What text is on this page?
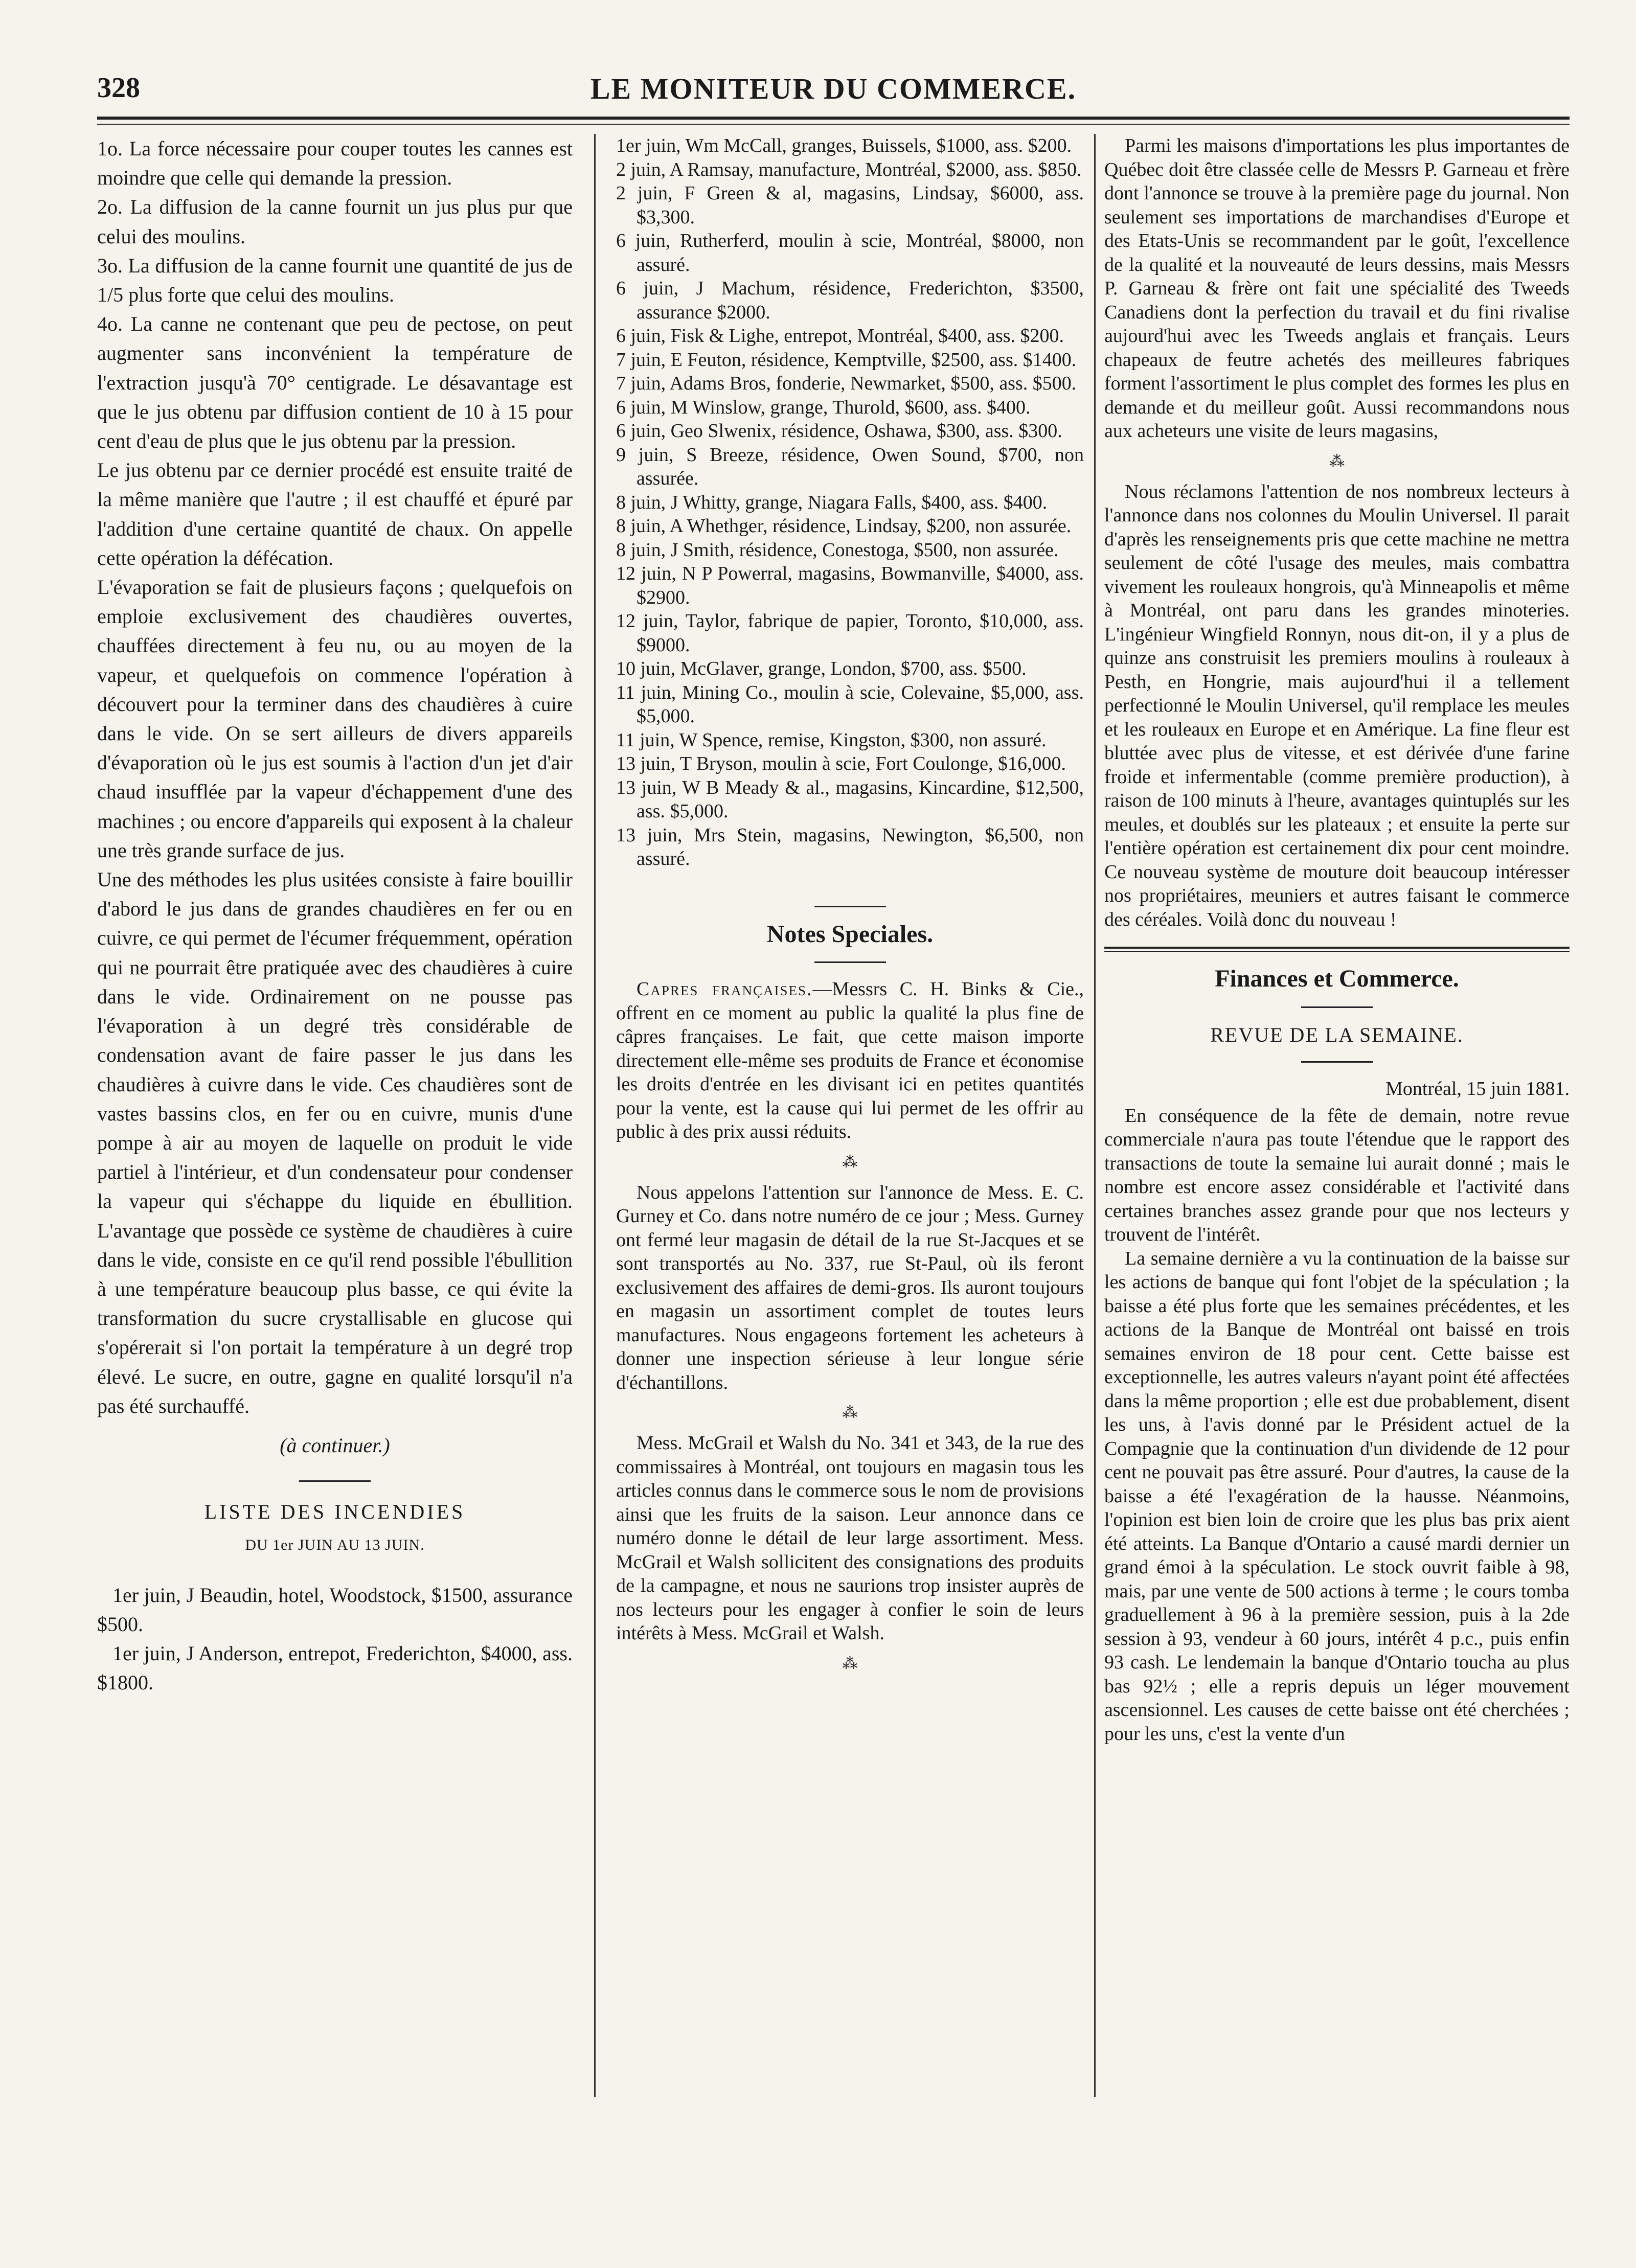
328	LE MONITEUR DU COMMERCE.

1o. La force nécessaire pour couper toutes les cannes est moindre que celle qui demande la pression.

2o. La diffusion de la canne fournit un jus plus pur que celui des moulins.

3o. La diffusion de la canne fournit une quantité de jus de 1/5 plus forte que celui des moulins.

4o. La canne ne contenant que peu de pectose, on peut augmenter sans inconvénient la température de l'extraction jusqu'à 70° centigrade. Le désavantage est que le jus obtenu par diffusion contient de 10 à 15 pour cent d'eau de plus que le jus obtenu par la pression.

Le jus obtenu par ce dernier procédé est ensuite traité de la même manière que l'autre ; il est chauffé et épuré par l'addition d'une certaine quantité de chaux. On appelle cette opération la défécation.

L'évaporation se fait de plusieurs façons ; quelquefois on emploie exclusivement des chaudières ouvertes, chauffées directement à feu nu, ou au moyen de la vapeur, et quelquefois on commence l'opération à découvert pour la terminer dans des chaudières à cuire dans le vide. On se sert ailleurs de divers appareils d'évaporation où le jus est soumis à l'action d'un jet d'air chaud insufflée par la vapeur d'échappement d'une des machines ; ou encore d'appareils qui exposent à la chaleur une très grande surface de jus.

Une des méthodes les plus usitées consiste à faire bouillir d'abord le jus dans de grandes chaudières en fer ou en cuivre, ce qui permet de l'écumer fréquemment, opération qui ne pourrait être pratiquée avec des chaudières à cuire dans le vide. Ordinairement on ne pousse pas l'évaporation à un degré très considérable de condensation avant de faire passer le jus dans les chaudières à cuivre dans le vide. Ces chaudières sont de vastes bassins clos, en fer ou en cuivre, munis d'une pompe à air au moyen de laquelle on produit le vide partiel à l'intérieur, et d'un condensateur pour condenser la vapeur qui s'échappe du liquide en ébullition. L'avantage que possède ce système de chaudières à cuire dans le vide, consiste en ce qu'il rend possible l'ébullition à une température beaucoup plus basse, ce qui évite la transformation du sucre crystallisable en glucose qui s'opérerait si l'on portait la température à un degré trop élevé. Le sucre, en outre, gagne en qualité lorsqu'il n'a pas été surchauffé.

(à continuer.)

LISTE DES INCENDIES
DU 1er JUIN AU 13 JUIN.

1er juin, J Beaudin, hotel, Woodstock, $1500, assurance $500.

1er juin, J Anderson, entrepot, Frederichton, $4000, ass. $1800.

1er juin, Wm McCall, granges, Buissels, $1000, ass. $200.

2 juin, A Ramsay, manufacture, Montréal, $2000, ass. $850.

2 juin, F Green & al, magasins, Lindsay, $6000, ass. $3,300.

6 juin, Rutherferd, moulin à scie, Montréal, $8000, non assuré.

6 juin, J Machum, résidence, Frederichton, $3500, assurance $2000.

6 juin, Fisk & Lighe, entrepot, Montréal, $400, ass. $200.

7 juin, E Feuton, résidence, Kemptville, $2500, ass. $1400.

7 juin, Adams Bros, fonderie, Newmarket, $500, ass. $500.

6 juin, M Winslow, grange, Thurold, $600, ass. $400.

6 juin, Geo Slwenix, résidence, Oshawa, $300, ass. $300.

9 juin, S Breeze, résidence, Owen Sound, $700, non assurée.

8 juin, J Whitty, grange, Niagara Falls, $400, ass. $400.

8 juin, A Whethger, résidence, Lindsay, $200, non assurée.

8 juin, J Smith, résidence, Conestoga, $500, non assurée.

12 juin, N P Powerral, magasins, Bowmanville, $4000, ass. $2900.

12 juin, Taylor, fabrique de papier, Toronto, $10,000, ass. $9000.

10 juin, McGlaver, grange, London, $700, ass. $500.

11 juin, Mining Co., moulin à scie, Colevaine, $5,000, ass. $5,000.

11 juin, W Spence, remise, Kingston, $300, non assuré.

13 juin, T Bryson, moulin à scie, Fort Coulonge, $16,000.

13 juin, W B Meady & al., magasins, Kincardine, $12,500, ass. $5,000.

13 juin, Mrs Stein, magasins, Newington, $6,500, non assuré.

Notes Speciales.

Capres françaises.—Messrs C. H. Binks & Cie., offrent en ce moment au public la qualité la plus fine de câpres françaises. Le fait, que cette maison importe directement elle-même ses produits de France et économise les droits d'entrée en les divisant ici en petites quantités pour la vente, est la cause qui lui permet de les offrir au public à des prix aussi réduits.

⁂

Nous appelons l'attention sur l'annonce de Mess. E. C. Gurney et Co. dans notre numéro de ce jour ; Mess. Gurney ont fermé leur magasin de détail de la rue St-Jacques et se sont transportés au No. 337, rue St-Paul, où ils feront exclusivement des affaires de demi-gros. Ils auront toujours en magasin un assortiment complet de toutes leurs manufactures. Nous engageons fortement les acheteurs à donner une inspection sérieuse à leur longue série d'échantillons.

⁂

Mess. McGrail et Walsh du No. 341 et 343, de la rue des commissaires à Montréal, ont toujours en magasin tous les articles connus dans le commerce sous le nom de provisions ainsi que les fruits de la saison. Leur annonce dans ce numéro donne le détail de leur large assortiment. Mess. McGrail et Walsh sollicitent des consignations des produits de la campagne, et nous ne saurions trop insister auprès de nos lecteurs pour les engager à confier le soin de leurs intérêts à Mess. McGrail et Walsh.

⁂

Parmi les maisons d'importations les plus importantes de Québec doit être classée celle de Messrs P. Garneau et frère dont l'annonce se trouve à la première page du journal. Non seulement ses importations de marchandises d'Europe et des Etats-Unis se recommandent par le goût, l'excellence de la qualité et la nouveauté de leurs dessins, mais Messrs P. Garneau & frère ont fait une spécialité des Tweeds Canadiens dont la perfection du travail et du fini rivalise aujourd'hui avec les Tweeds anglais et français. Leurs chapeaux de feutre achetés des meilleures fabriques forment l'assortiment le plus complet des formes les plus en demande et du meilleur goût. Aussi recommandons nous aux acheteurs une visite de leurs magasins,

⁂

Nous réclamons l'attention de nos nombreux lecteurs à l'annonce dans nos colonnes du Moulin Universel. Il parait d'après les renseignements pris que cette machine ne mettra seulement de côté l'usage des meules, mais combattra vivement les rouleaux hongrois, qu'à Minneapolis et même à Montréal, ont paru dans les grandes minoteries. L'ingénieur Wingfield Ronnyn, nous dit-on, il y a plus de quinze ans construisit les premiers moulins à rouleaux à Pesth, en Hongrie, mais aujourd'hui il a tellement perfectionné le Moulin Universel, qu'il remplace les meules et les rouleaux en Europe et en Amérique. La fine fleur est bluttée avec plus de vitesse, et est dérivée d'une farine froide et infermentable (comme première production), à raison de 100 minuts à l'heure, avantages quintuplés sur les meules, et doublés sur les plateaux ; et ensuite la perte sur l'entière opération est certainement dix pour cent moindre. Ce nouveau système de mouture doit beaucoup intéresser nos propriétaires, meuniers et autres faisant le commerce des céréales. Voilà donc du nouveau !

Finances et Commerce.
REVUE DE LA SEMAINE.

Montréal, 15 juin 1881.

En conséquence de la fête de demain, notre revue commerciale n'aura pas toute l'étendue que le rapport des transactions de toute la semaine lui aurait donné ; mais le nombre est encore assez considérable et l'activité dans certaines branches assez grande pour que nos lecteurs y trouvent de l'intérêt.

La semaine dernière a vu la continuation de la baisse sur les actions de banque qui font l'objet de la spéculation ; la baisse a été plus forte que les semaines précédentes, et les actions de la Banque de Montréal ont baissé en trois semaines environ de 18 pour cent. Cette baisse est exceptionnelle, les autres valeurs n'ayant point été affectées dans la même proportion ; elle est due probablement, disent les uns, à l'avis donné par le Président actuel de la Compagnie que la continuation d'un dividende de 12 pour cent ne pouvait pas être assuré. Pour d'autres, la cause de la baisse a été l'exagération de la hausse. Néanmoins, l'opinion est bien loin de croire que les plus bas prix aient été atteints. La Banque d'Ontario a causé mardi dernier un grand émoi à la spéculation. Le stock ouvrit faible à 98, mais, par une vente de 500 actions à terme ; le cours tomba graduellement à 96 à la première session, puis à la 2de session à 93, vendeur à 60 jours, intérêt 4 p.c., puis enfin 93 cash. Le lendemain la banque d'Ontario toucha au plus bas 92½ ; elle a repris depuis un léger mouvement ascensionnel. Les causes de cette baisse ont été cherchées ; pour les uns, c'est la vente d'un
